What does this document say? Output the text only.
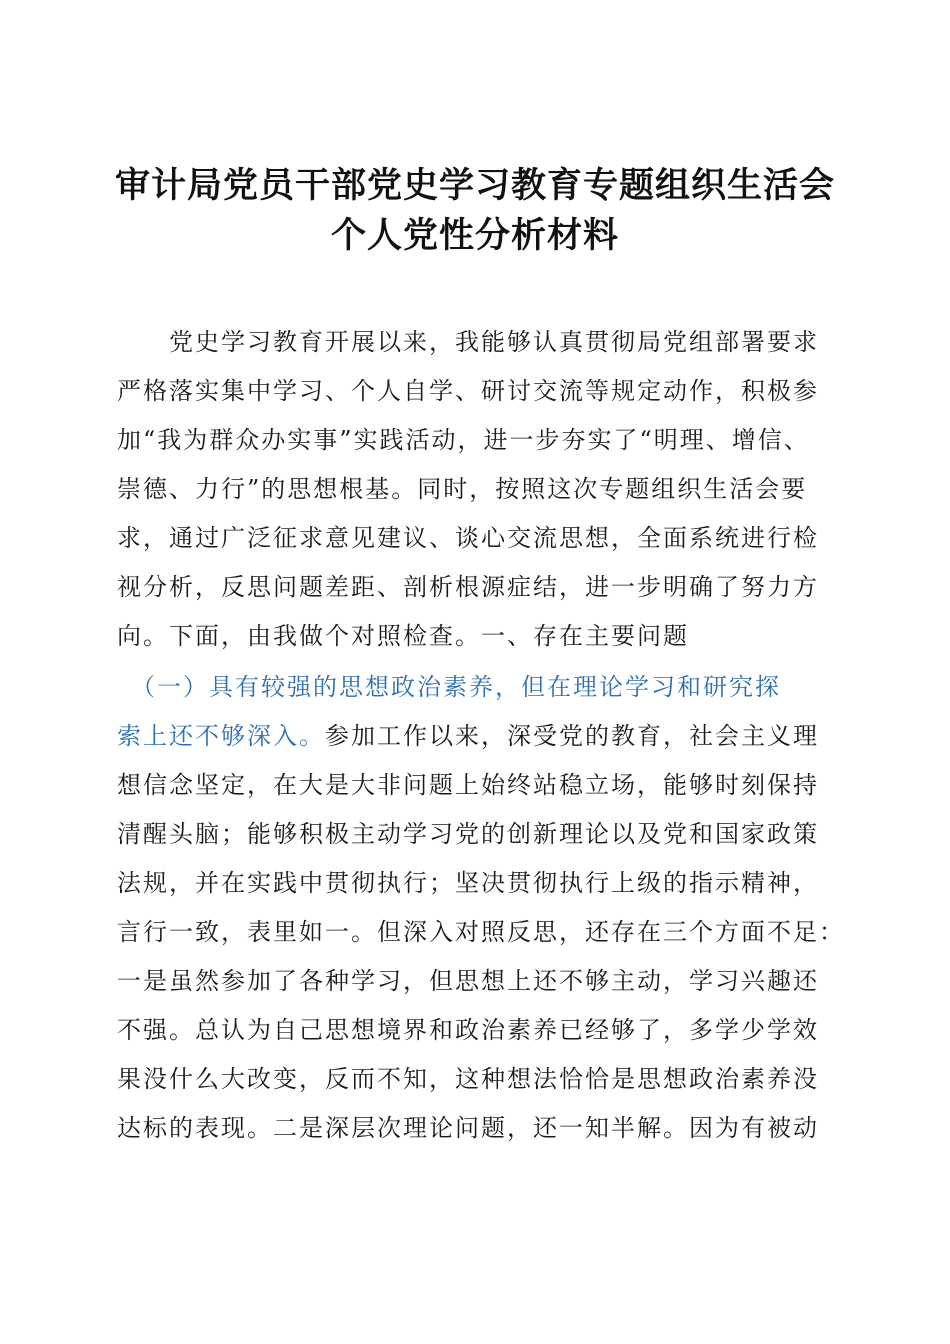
审计局党员干部党史学习教育专题组织生活会
个人党性分析材料
　　党史学习教育开展以来，我能够认真贯彻局党组部署要求
严格落实集中学习、个人自学、研讨交流等规定动作，积极参
加“我为群众办实事”实践活动，进一步夯实了“明理、增信、
崇德、力行”的思想根基。同时，按照这次专题组织生活会要
求，通过广泛征求意见建议、谈心交流思想，全面系统进行检
视分析，反思问题差距、剖析根源症结，进一步明确了努力方
向。下面，由我做个对照检查。一、存在主要问题
　（一）具有较强的思想政治素养，但在理论学习和研究探
索上还不够深入。参加工作以来，深受党的教育，社会主义理
想信念坚定，在大是大非问题上始终站稳立场，能够时刻保持
清醒头脑；能够积极主动学习党的创新理论以及党和国家政策
法规，并在实践中贯彻执行；坚决贯彻执行上级的指示精神，
言行一致，表里如一。但深入对照反思，还存在三个方面不足：
一是虽然参加了各种学习，但思想上还不够主动，学习兴趣还
不强。总认为自己思想境界和政治素养已经够了，多学少学效
果没什么大改变，反而不知，这种想法恰恰是思想政治素养没
达标的表现。二是深层次理论问题，还一知半解。因为有被动
